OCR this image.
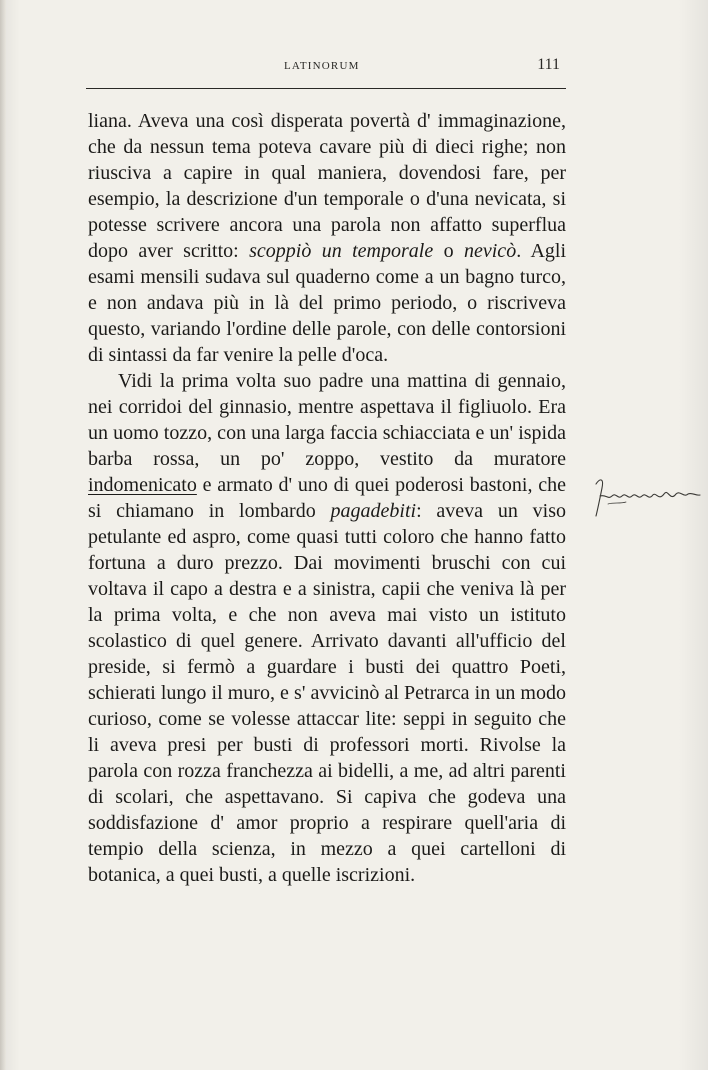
LATINORUM	111

liana. Aveva una così disperata povertà d' immaginazione, che da nessun tema poteva cavare più di dieci righe; non riusciva a capire in qual maniera, dovendosi fare, per esempio, la descrizione d'un temporale o d'una nevicata, si potesse scrivere ancora una parola non affatto superflua dopo aver scritto: scoppiò un temporale o nevicò. Agli esami mensili sudava sul quaderno come a un bagno turco, e non andava più in là del primo periodo, o riscriveva questo, variando l'ordine delle parole, con delle contorsioni di sintassi da far venire la pelle d'oca.

Vidi la prima volta suo padre una mattina di gennaio, nei corridoi del ginnasio, mentre aspettava il figliuolo. Era un uomo tozzo, con una larga faccia schiacciata e un' ispida barba rossa, un po' zoppo, vestito da muratore indomenicato e armato d' uno di quei poderosi bastoni, che si chiamano in lombardo pagadebiti: aveva un viso petulante ed aspro, come quasi tutti coloro che hanno fatto fortuna a duro prezzo. Dai movimenti bruschi con cui voltava il capo a destra e a sinistra, capii che veniva là per la prima volta, e che non aveva mai visto un istituto scolastico di quel genere. Arrivato davanti all'ufficio del preside, si fermò a guardare i busti dei quattro Poeti, schierati lungo il muro, e s' avvicinò al Petrarca in un modo curioso, come se volesse attaccar lite: seppi in seguito che li aveva presi per busti di professori morti. Rivolse la parola con rozza franchezza ai bidelli, a me, ad altri parenti di scolari, che aspettavano. Si capiva che godeva una soddisfazione d' amor proprio a respirare quell'aria di tempio della scienza, in mezzo a quei cartelloni di botanica, a quei busti, a quelle iscrizioni.
